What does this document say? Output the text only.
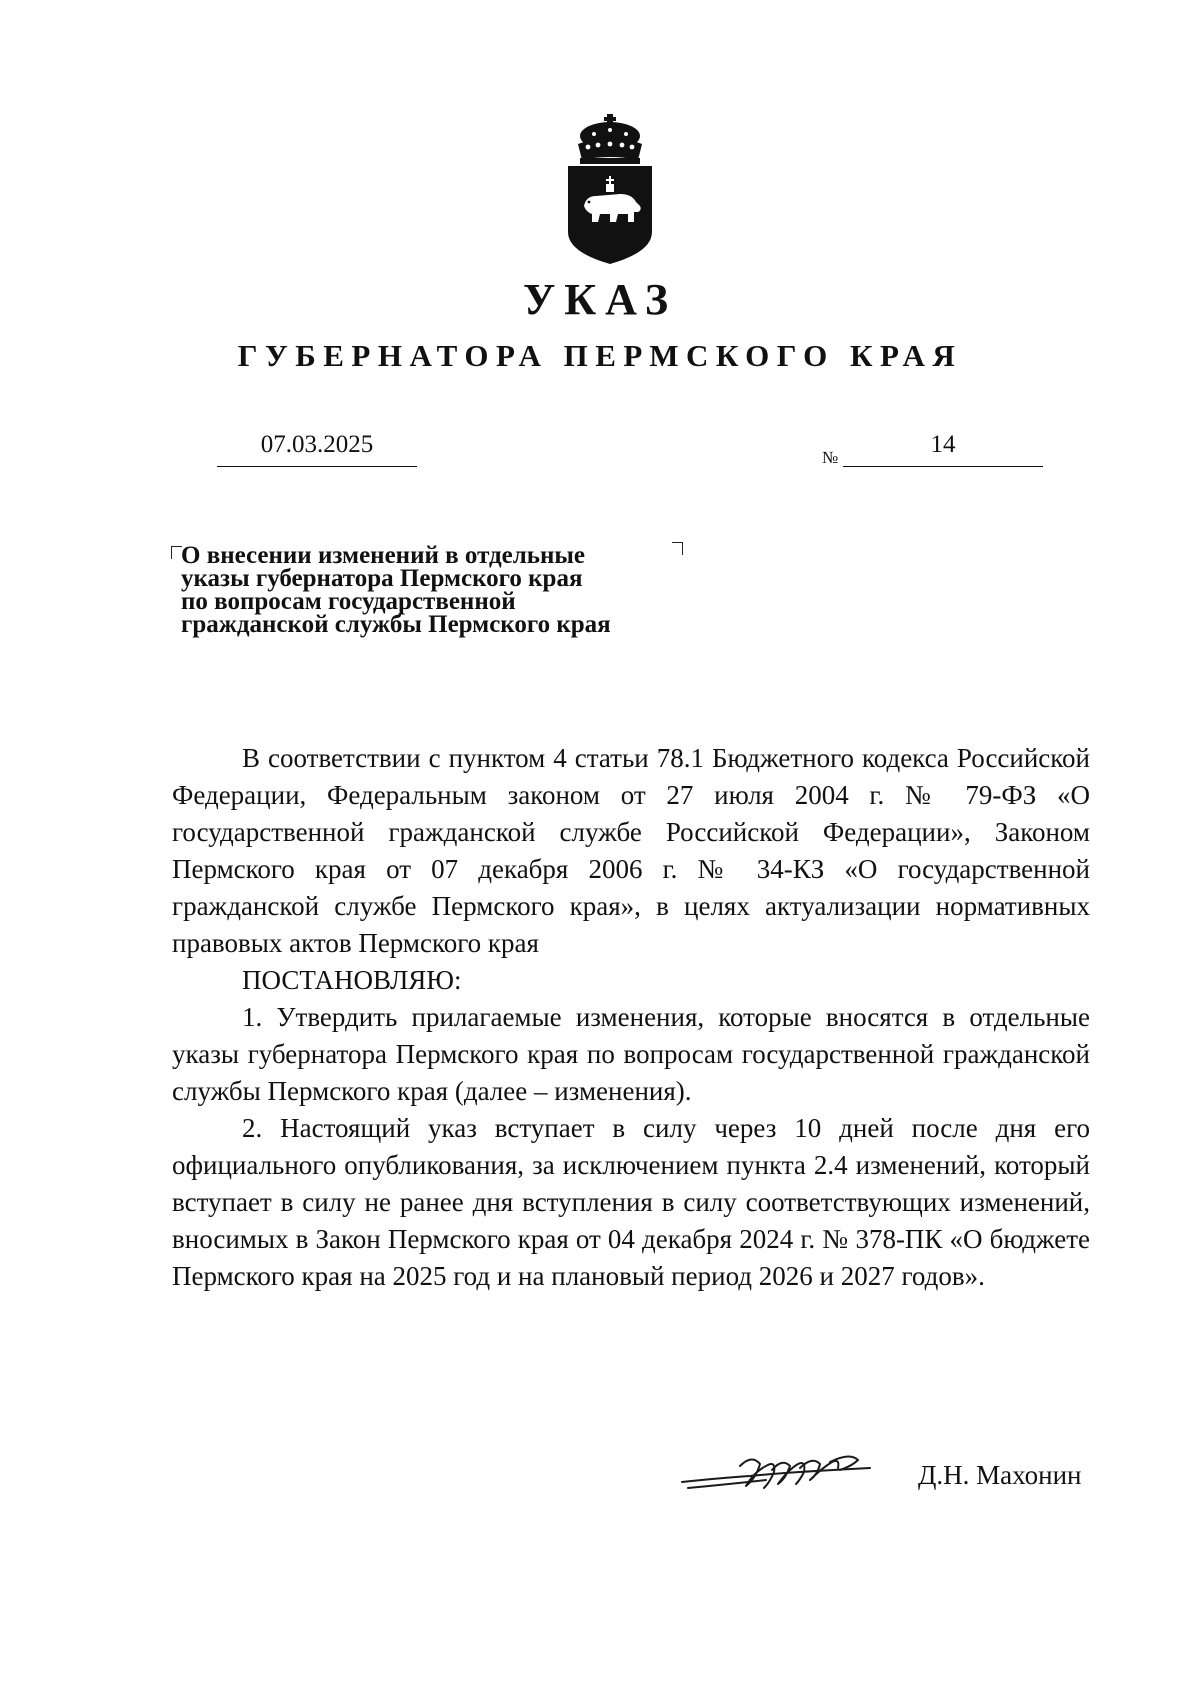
УКАЗ
ГУБЕРНАТОРА ПЕРМСКОГО КРАЯ
07.03.2025	№	14
О внесении изменений в отдельные
указы губернатора Пермского края
по вопросам государственной
гражданской службы Пермского края

В соответствии с пунктом 4 статьи 78.1 Бюджетного кодекса Российской Федерации, Федеральным законом от 27 июля 2004 г. № 79-ФЗ «О государственной гражданской службе Российской Федерации», Законом Пермского края от 07 декабря 2006 г. № 34-КЗ «О государственной гражданской службе Пермского края», в целях актуализации нормативных правовых актов Пермского края

ПОСТАНОВЛЯЮ:

1. Утвердить прилагаемые изменения, которые вносятся в отдельные указы губернатора Пермского края по вопросам государственной гражданской службы Пермского края (далее – изменения).

2. Настоящий указ вступает в силу через 10 дней после дня его официального опубликования, за исключением пункта 2.4 изменений, который вступает в силу не ранее дня вступления в силу соответствующих изменений, вносимых в Закон Пермского края от 04 декабря 2024 г. № 378-ПК «О бюджете Пермского края на 2025 год и на плановый период 2026 и 2027 годов».

Д.Н. Махонин
